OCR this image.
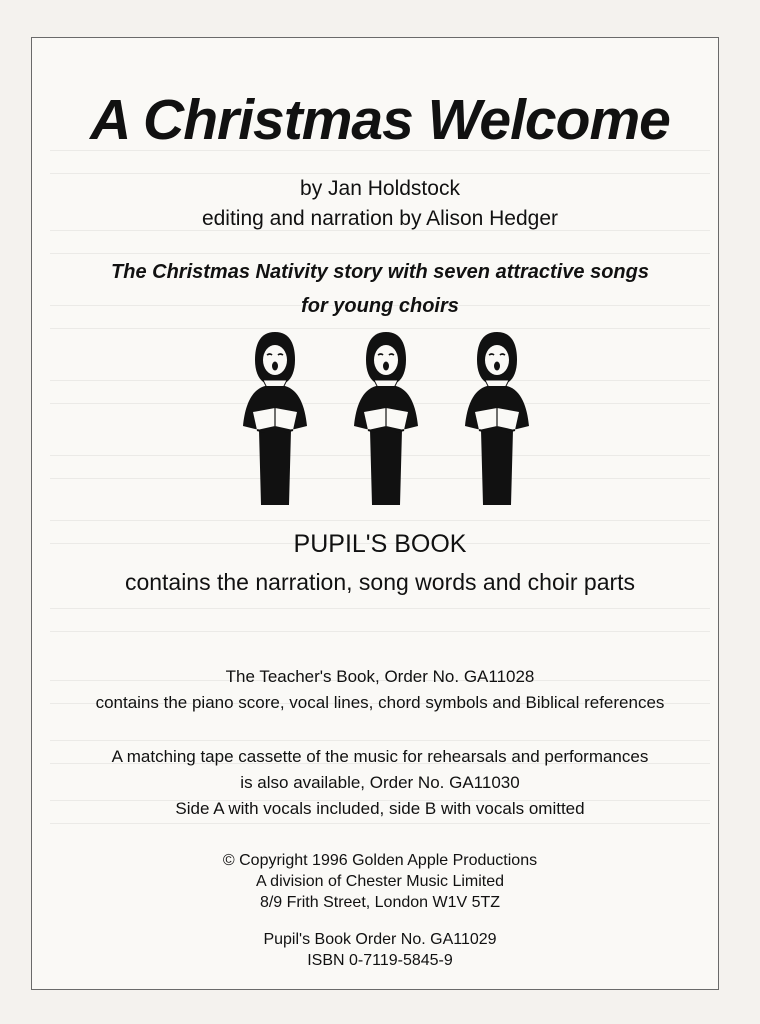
A Christmas Welcome
by Jan Holdstock
editing and narration by Alison Hedger
The Christmas Nativity story with seven attractive songs
for young choirs
PUPIL'S BOOK
contains the narration, song words and choir parts
The Teacher's Book, Order No. GA11028
contains the piano score, vocal lines, chord symbols and Biblical references
A matching tape cassette of the music for rehearsals and performances
is also available, Order No. GA11030
Side A with vocals included, side B with vocals omitted
© Copyright 1996 Golden Apple Productions
A division of Chester Music Limited
8/9 Frith Street, London W1V 5TZ
Pupil's Book Order No. GA11029
ISBN 0-7119-5845-9
